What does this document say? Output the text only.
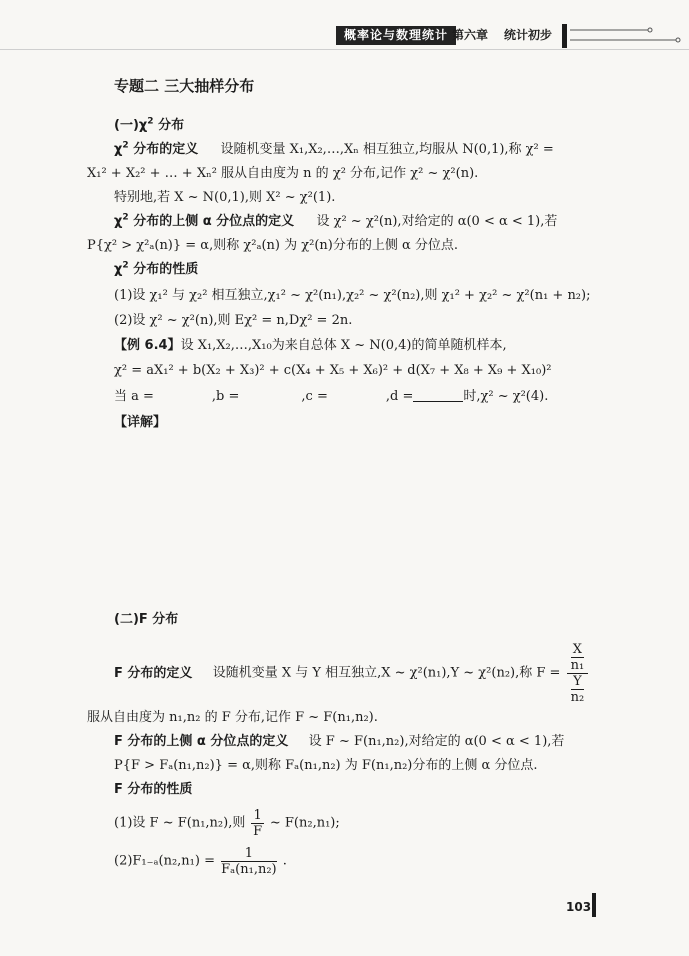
概率论与数理统计 第六章 统计初步
专题二 三大抽样分布
(一)$\chi^2$ 分布
$\chi^2$ 分布的定义 设随机变量 X₁,X₂,…,Xₙ 相互独立,均服从 N(0,1),称 χ² =
X₁² + X₂² + … + Xₙ² 服从自由度为 n 的 χ² 分布,记作 χ² ~ χ²(n).
特别地,若 X ~ N(0,1),则 X² ~ χ²(1).
$\chi^2$ 分布的上侧 α 分位点的定义 设 χ² ~ χ²(n),对给定的 α(0 < α < 1),若
P{χ² > χ²ₐ(n)} = α,则称 χ²ₐ(n) 为 χ²(n)分布的上侧 α 分位点.
$\chi^2$ 分布的性质
(1)设 χ₁² 与 χ₂² 相互独立,χ₁² ~ χ²(n₁),χ₂² ~ χ²(n₂),则 χ₁² + χ₂² ~ χ²(n₁ + n₂);
(2)设 χ² ~ χ²(n),则 Eχ² = n,Dχ² = 2n.
【例 6.4】设 X₁,X₂,…,X₁₀为来自总体 X ~ N(0,4)的简单随机样本,
χ² = aX₁² + b(X₂ + X₃)² + c(X₄ + X₅ + X₆)² + d(X₇ + X₈ + X₉ + X₁₀)²
当 a =	,b =	,c =	,d =	时,χ² ~ χ²(4).
【详解】
(二)F 分布
F 分布的定义 设随机变量 X 与 Y 相互独立,X ~ χ²(n₁),Y ~ χ²(n₂),称 $F = \frac{\frac{X}{\text{n₁}}}{\frac{Y}{\text{n₂}}}$
服从自由度为 n₁,n₂ 的 F 分布,记作 F ~ F(n₁,n₂).
F 分布的上侧 α 分位点的定义 设 F ~ F(n₁,n₂),对给定的 α(0 < α < 1),若
P{F > Fₐ(n₁,n₂)} = α,则称 Fₐ(n₁,n₂) 为 F(n₁,n₂)分布的上侧 α 分位点.
F 分布的性质
(1)设 F ~ F(n₁,n₂),则 $\frac{1}{F}$ ~ F(n₂,n₁);
$(2)F_{1-a}(n_2,n_1) = \frac{1}{\text{Fₐ(n₁,n₂)}}$ .
103
